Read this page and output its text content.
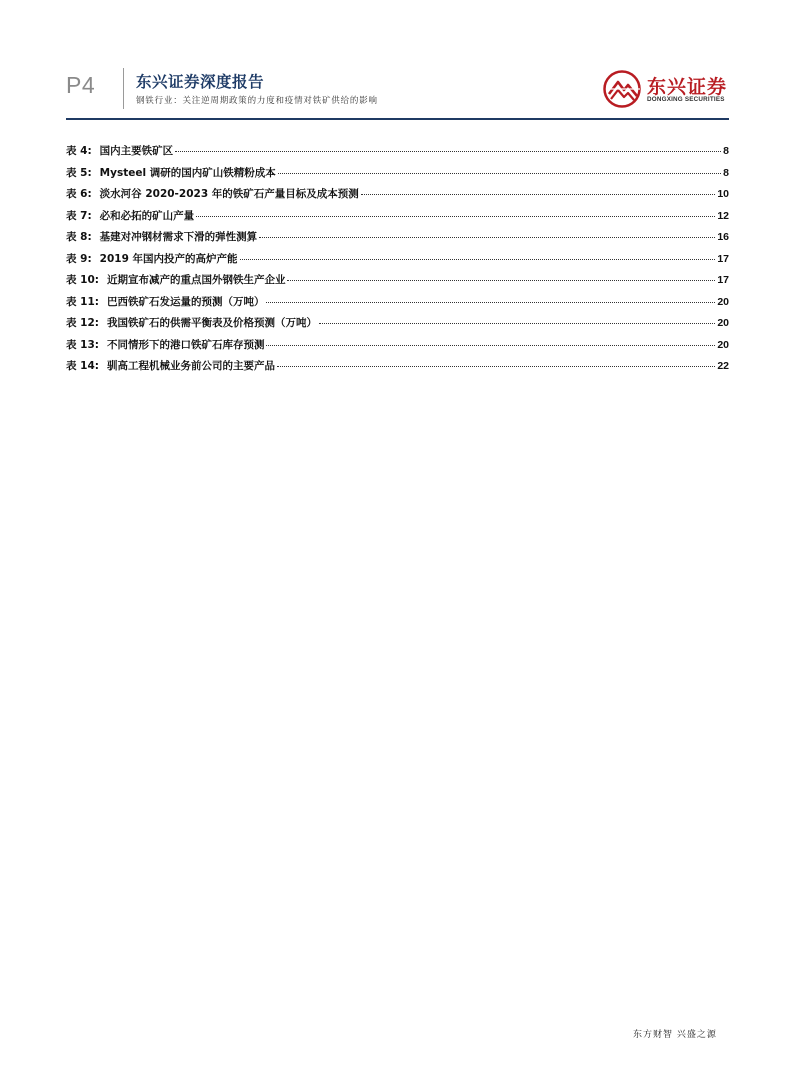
P4	东兴证券深度报告
钢铁行业：关注逆周期政策的力度和疫情对铁矿供给的影响
东兴证券
DONGXING SECURITIES
表 4: 国内主要铁矿区	8
表 5: Mysteel 调研的国内矿山铁精粉成本	8
表 6: 淡水河谷 2020-2023 年的铁矿石产量目标及成本预测	10
表 7: 必和必拓的矿山产量	12
表 8: 基建对冲钢材需求下滑的弹性测算	16
表 9: 2019 年国内投产的高炉产能	17
表 10: 近期宣布减产的重点国外钢铁生产企业	17
表 11: 巴西铁矿石发运量的预测（万吨）	20
表 12: 我国铁矿石的供需平衡表及价格预测（万吨）	20
表 13: 不同情形下的港口铁矿石库存预测	20
表 14: 驯高工程机械业务前公司的主要产品	22
东方财智 兴盛之源
